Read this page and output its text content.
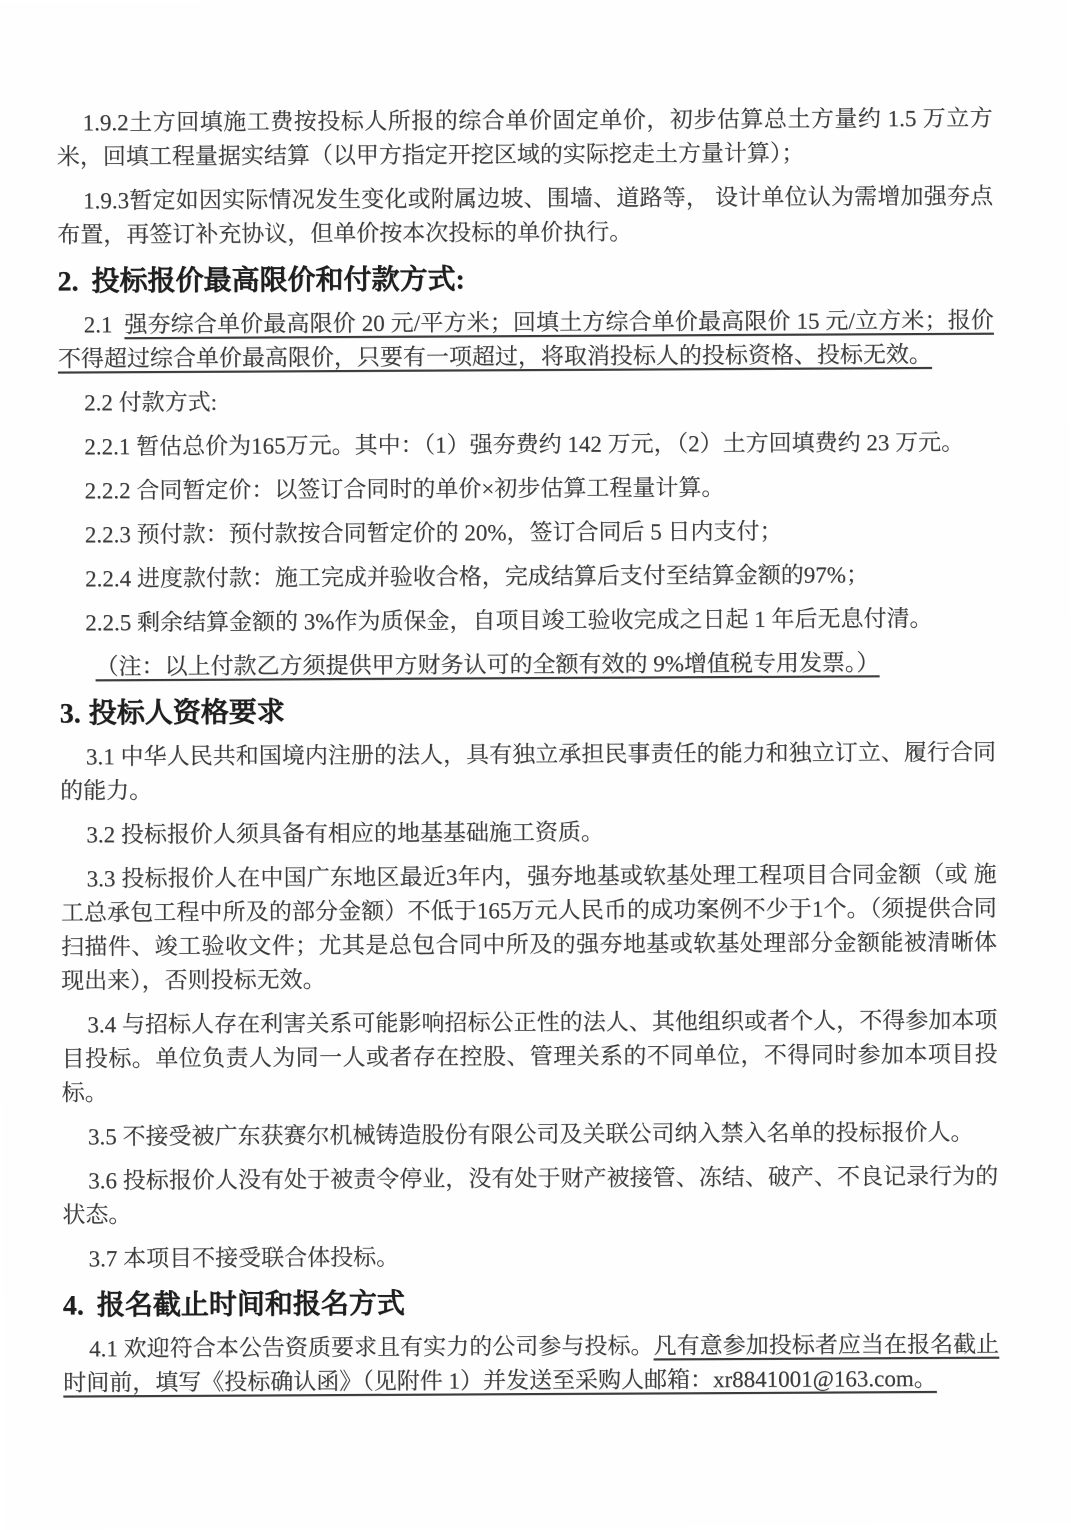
1.9.2土方回填施工费按投标人所报的综合单价固定单价，初步估算总土方量约 1.5 万立方米，回填工程量据实结算（以甲方指定开挖区域的实际挖走土方量计算）；

1.9.3暂定如因实际情况发生变化或附属边坡、围墙、道路等， 设计单位认为需增加强夯点布置，再签订补充协议，但单价按本次投标的单价执行。

2. 投标报价最高限价和付款方式:

2.1 强夯综合单价最高限价 20 元/平方米；回填土方综合单价最高限价 15 元/立方米；报价 不得超过综合单价最高限价，只要有一项超过，将取消投标人的投标资格、投标无效。

2.2 付款方式:

2.2.1 暂估总价为165万元。其中：（1）强夯费约 142 万元，（2）土方回填费约 23 万元。

2.2.2 合同暂定价：以签订合同时的单价×初步估算工程量计算。

2.2.3 预付款：预付款按合同暂定价的 20%，签订合同后 5 日内支付；

2.2.4 进度款付款：施工完成并验收合格，完成结算后支付至结算金额的97%；

2.2.5 剩余结算金额的 3%作为质保金，自项目竣工验收完成之日起 1 年后无息付清。

（注：以上付款乙方须提供甲方财务认可的全额有效的 9%增值税专用发票。）

3. 投标人资格要求

3.1 中华人民共和国境内注册的法人，具有独立承担民事责任的能力和独立订立、履行合同的能力。

3.2 投标报价人须具备有相应的地基基础施工资质。

3.3 投标报价人在中国广东地区最近3年内，强夯地基或软基处理工程项目合同金额（或 施工总承包工程中所及的部分金额）不低于165万元人民币的成功案例不少于1个。（须提供合同扫描件、竣工验收文件；尤其是总包合同中所及的强夯地基或软基处理部分金额能被清晰体现出来），否则投标无效。

3.4 与招标人存在利害关系可能影响招标公正性的法人、其他组织或者个人，不得参加本项目投标。单位负责人为同一人或者存在控股、管理关系的不同单位，不得同时参加本项目投标。

3.5 不接受被广东获赛尔机械铸造股份有限公司及关联公司纳入禁入名单的投标报价人。

3.6 投标报价人没有处于被责令停业，没有处于财产被接管、冻结、破产、不良记录行为的状态。

3.7 本项目不接受联合体投标。

4. 报名截止时间和报名方式

4.1 欢迎符合本公告资质要求且有实力的公司参与投标。凡有意参加投标者应当在报名截止时间前，填写《投标确认函》（见附件 1）并发送至采购人邮箱：xr8841001@163.com。
